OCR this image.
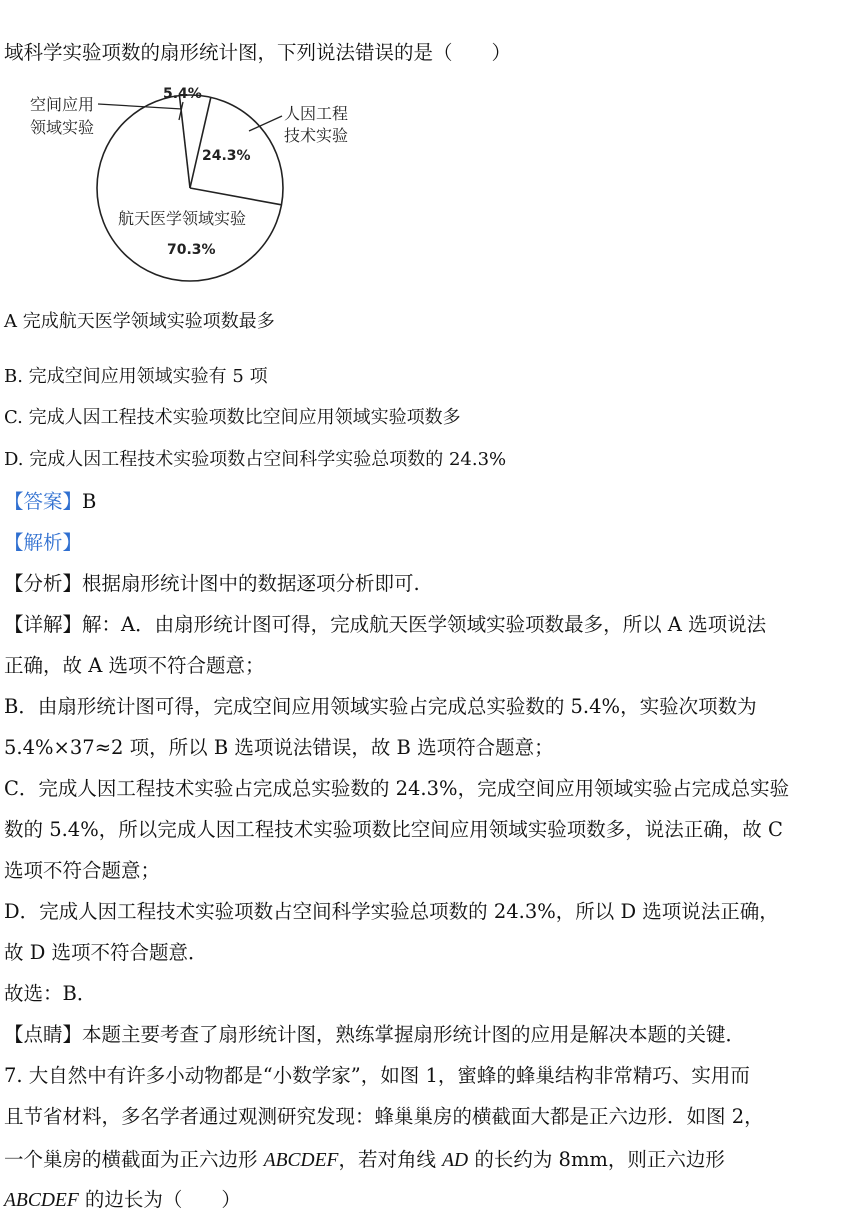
域科学实验项数的扇形统计图，下列说法错误的是（　　）
5.4%
空间应用
领域实验
人因工程
技术实验
24.3%
航天医学领域实验
70.3%
A 完成航天医学领域实验项数最多
B. 完成空间应用领域实验有 5 项
C. 完成人因工程技术实验项数比空间应用领域实验项数多
D. 完成人因工程技术实验项数占空间科学实验总项数的 24.3%
【答案】B
【解析】
【分析】根据扇形统计图中的数据逐项分析即可.
【详解】解：A．由扇形统计图可得，完成航天医学领域实验项数最多，所以 A 选项说法
正确，故 A 选项不符合题意；
B．由扇形统计图可得，完成空间应用领域实验占完成总实验数的 5.4%，实验次项数为
5.4%×37≈2 项，所以 B 选项说法错误，故 B 选项符合题意；
C．完成人因工程技术实验占完成总实验数的 24.3%，完成空间应用领域实验占完成总实验
数的 5.4%，所以完成人因工程技术实验项数比空间应用领域实验项数多，说法正确，故 C
选项不符合题意；
D．完成人因工程技术实验项数占空间科学实验总项数的 24.3%，所以 D 选项说法正确，
故 D 选项不符合题意．
故选：B．
【点睛】本题主要考查了扇形统计图，熟练掌握扇形统计图的应用是解决本题的关键．
7. 大自然中有许多小动物都是“小数学家”，如图 1，蜜蜂的蜂巢结构非常精巧、实用而
且节省材料，多名学者通过观测研究发现：蜂巢巢房的横截面大都是正六边形．如图 2，
一个巢房的横截面为正六边形 ABCDEF，若对角线 AD 的长约为 8mm，则正六边形
ABCDEF 的边长为（　　）
